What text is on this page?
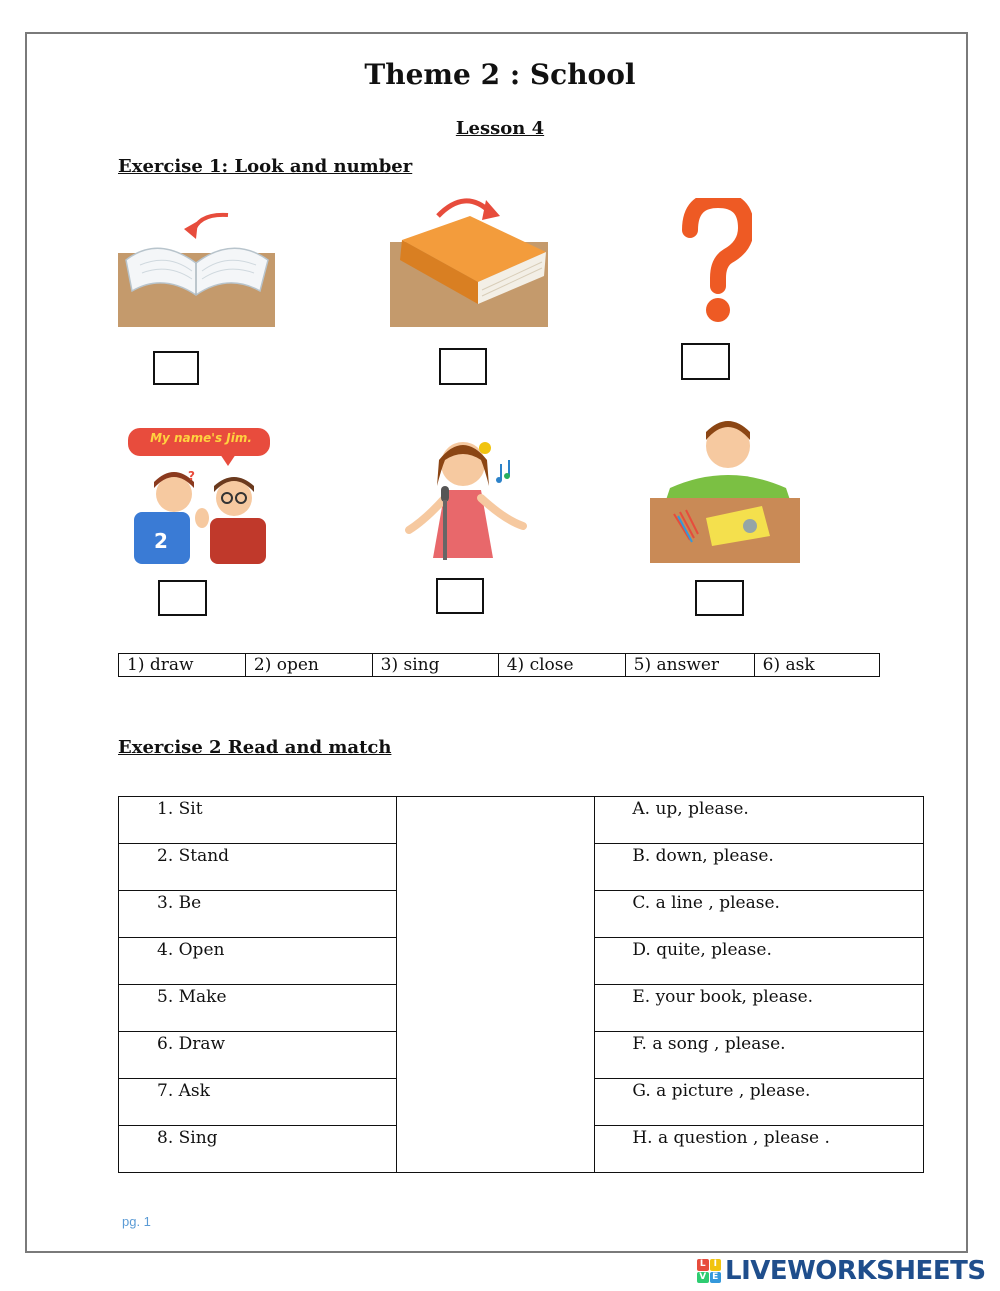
Theme 2 : School
Lesson 4
Exercise 1: Look and number
2
?
My name's Jim.
1) draw	2) open	3) sing	4) close	5) answer	6) ask
Exercise 2 Read and match
1. Sit		A. up, please.

2. Stand		B. down, please.

3. Be		C. a line , please.

4. Open		D. quite, please.

5. Make		E. your book, please.

6. Draw		F. a song , please.

7. Ask		G. a picture , please.

8. Sing		H. a question , please .
pg. 1
L I
V E LIVEWORKSHEETS
